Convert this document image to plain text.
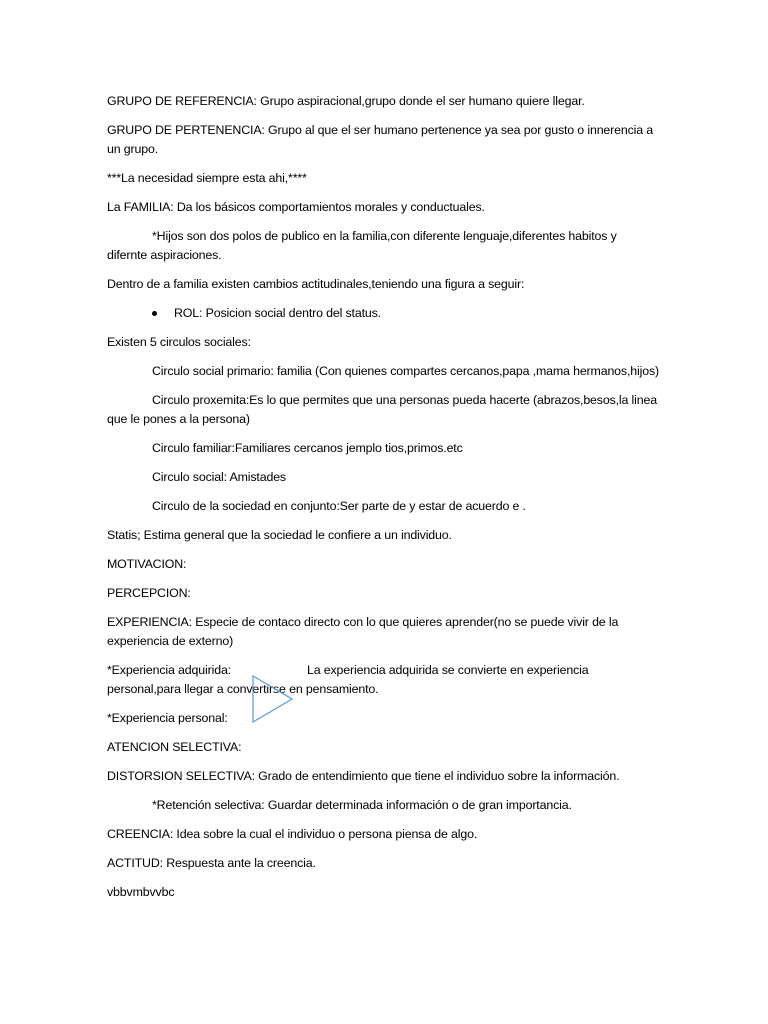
GRUPO DE REFERENCIA: Grupo aspiracional,grupo donde el ser humano quiere llegar.

GRUPO DE PERTENENCIA: Grupo al que el ser humano pertenence ya sea por gusto o innerencia a un grupo.

***La necesidad siempre esta ahi,****

La FAMILIA: Da los básicos comportamientos morales y conductuales.

*Hijos son dos polos de publico en la familia,con diferente lenguaje,diferentes habitos y difernte aspiraciones.

Dentro de a familia existen cambios actitudinales,teniendo una figura a seguir:

ROL: Posicion social dentro del status.

Existen 5 circulos sociales:

Circulo social primario: familia (Con quienes compartes cercanos,papa ,mama hermanos,hijos)

Circulo proxemita:Es lo que permites que una personas pueda hacerte (abrazos,besos,la linea que le pones a la persona)

Circulo familiar:Familiares cercanos jemplo tios,primos.etc

Circulo social: Amistades

Circulo de la sociedad en conjunto:Ser parte de y estar de acuerdo e .

Statis; Estima general que la sociedad le confiere a un individuo.

MOTIVACION:

PERCEPCION:

EXPERIENCIA: Especie de contaco directo con lo que quieres aprender(no se puede vivir de la experiencia de externo)

*Experiencia adquirida:	La experiencia adquirida se convierte en experiencia personal,para llegar a convertirse en pensamiento.

*Experiencia personal:

ATENCION SELECTIVA:

DISTORSION SELECTIVA: Grado de entendimiento que tiene el individuo sobre la información.

*Retención selectiva: Guardar determinada información o de gran importancia.

CREENCIA: Idea sobre la cual el individuo o persona piensa de algo.

ACTITUD: Respuesta ante la creencia.

vbbvmbvvbc
